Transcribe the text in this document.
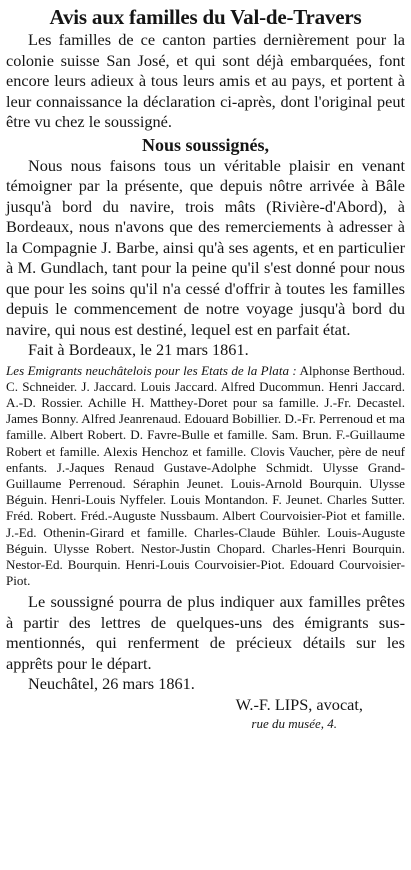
Avis aux familles du Val-de-Travers

Les familles de ce canton parties dernièrement pour la colonie suisse San José, et qui sont déjà embarquées, font encore leurs adieux à tous leurs amis et au pays, et portent à leur connaissance la déclaration ci-après, dont l'original peut être vu chez le soussigné.

Nous soussignés,

Nous nous faisons tous un véritable plaisir en venant témoigner par la présente, que depuis nôtre arrivée à Bâle jusqu'à bord du navire, trois mâts (Rivière-d'Abord), à Bordeaux, nous n'avons que des remerciements à adresser à la Compagnie J. Barbe, ainsi qu'à ses agents, et en particulier à M. Gundlach, tant pour la peine qu'il s'est donné pour nous que pour les soins qu'il n'a cessé d'offrir à toutes les familles depuis le commencement de notre voyage jusqu'à bord du navire, qui nous est destiné, lequel est en parfait état.

Fait à Bordeaux, le 21 mars 1861.

Les Emigrants neuchâtelois pour les Etats de la Plata : Alphonse Berthoud. C. Schneider. J. Jaccard. Louis Jaccard. Alfred Ducommun. Henri Jaccard. A.-D. Rossier. Achille H. Matthey-Doret pour sa famille. J.-Fr. Decastel. James Bonny. Alfred Jeanrenaud. Edouard Bobillier. D.-Fr. Perrenoud et ma famille. Albert Robert. D. Favre-Bulle et famille. Sam. Brun. F.-Guillaume Robert et famille. Alexis Henchoz et famille. Clovis Vaucher, père de neuf enfants. J.-Jaques Renaud Gustave-Adolphe Schmidt. Ulysse Grand-Guillaume Perrenoud. Séraphin Jeunet. Louis-Arnold Bourquin. Ulysse Béguin. Henri-Louis Nyffeler. Louis Montandon. F. Jeunet. Charles Sutter. Fréd. Robert. Fréd.-Auguste Nussbaum. Albert Courvoisier-Piot et famille. J.-Ed. Othenin-Girard et famille. Charles-Claude Bühler. Louis-Auguste Béguin. Ulysse Robert. Nestor-Justin Chopard. Charles-Henri Bourquin. Nestor-Ed. Bourquin. Henri-Louis Courvoisier-Piot. Edouard Courvoisier-Piot.

Le soussigné pourra de plus indiquer aux familles prêtes à partir des lettres de quelques-uns des émigrants sus-mentionnés, qui renferment de précieux détails sur les apprêts pour le départ.

Neuchâtel, 26 mars 1861.

W.-F. LIPS, avocat,
rue du musée, 4.
